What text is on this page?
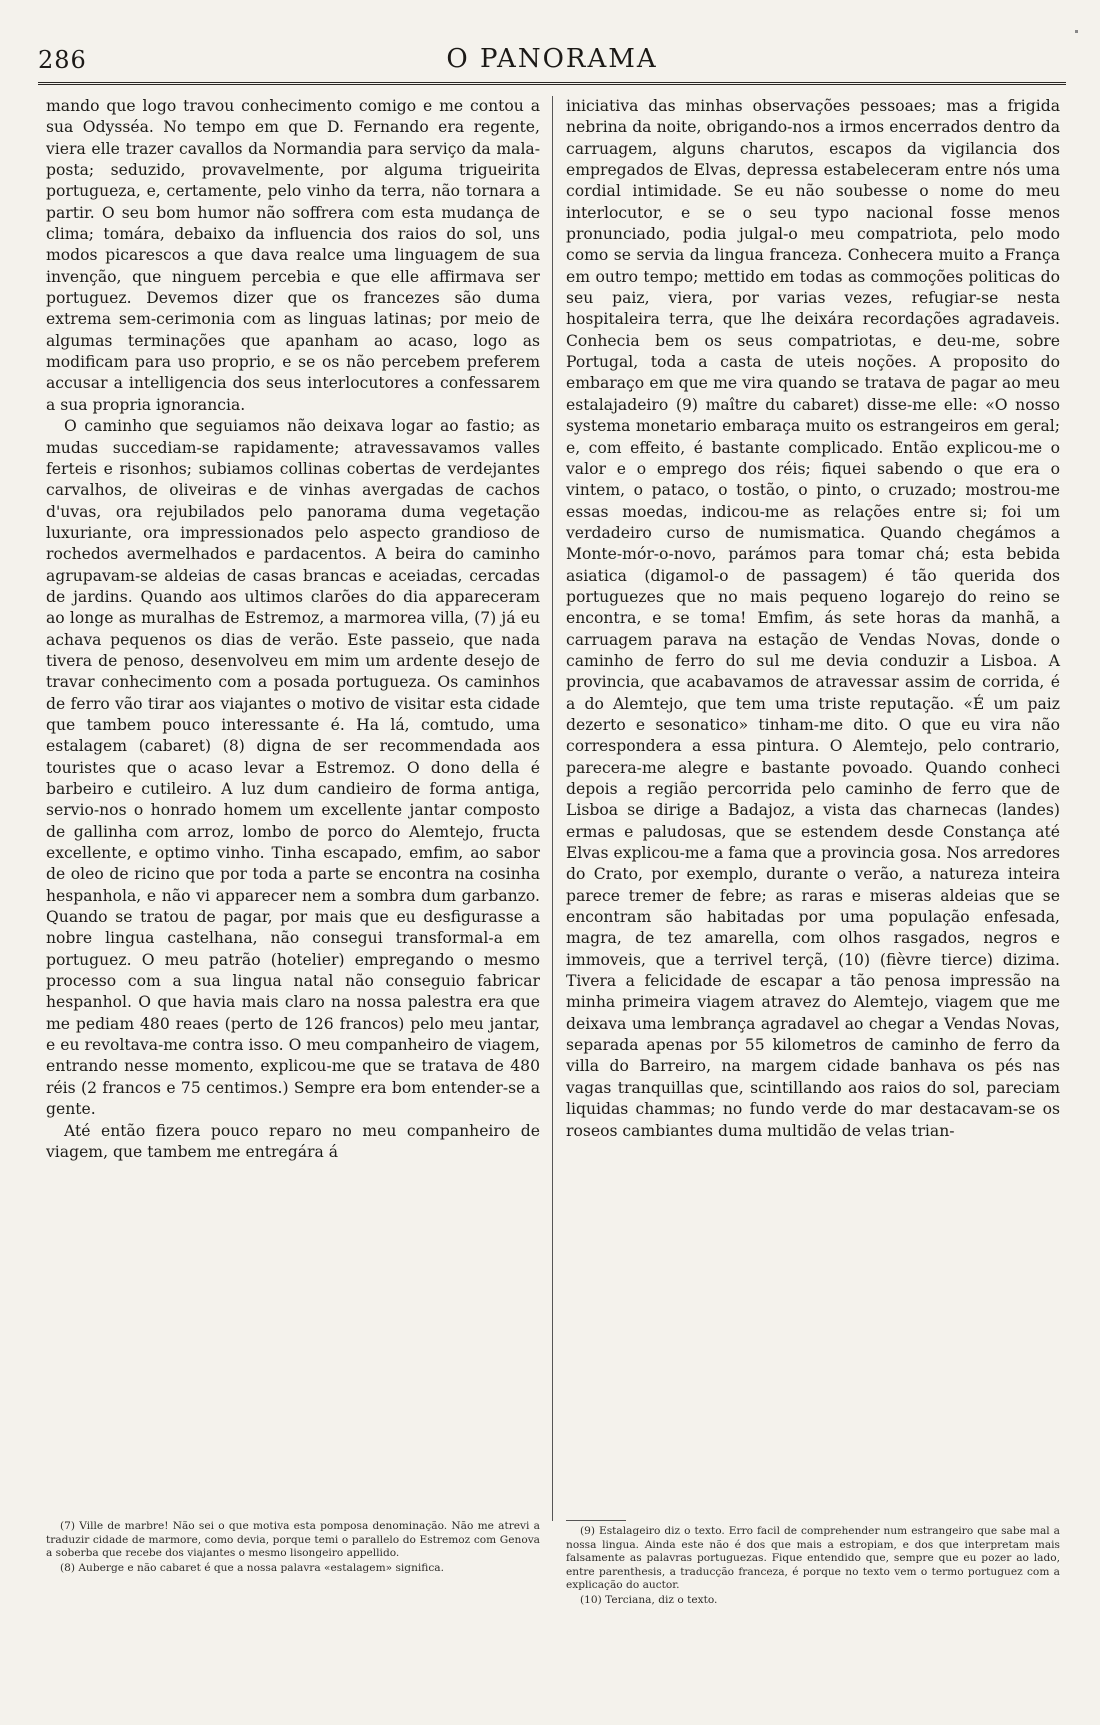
286	O PANORAMA

mando que logo travou conhecimento comigo e me contou a sua Odysséa. No tempo em que D. Fernando era regente, viera elle trazer cavallos da Normandia para serviço da mala-posta; seduzido, provavelmente, por alguma trigueirita portugueza, e, certamente, pelo vinho da terra, não tornara a partir. O seu bom humor não soffrera com esta mudança de clima; tomára, debaixo da influencia dos raios do sol, uns modos picarescos a que dava realce uma linguagem de sua invenção, que ninguem percebia e que elle affirmava ser portuguez. Devemos dizer que os francezes são duma extrema sem-cerimonia com as linguas latinas; por meio de algumas terminações que apanham ao acaso, logo as modificam para uso proprio, e se os não percebem preferem accusar a intelligencia dos seus interlocutores a confessarem a sua propria ignorancia.

O caminho que seguiamos não deixava logar ao fastio; as mudas succediam-se rapidamente; atravessavamos valles ferteis e risonhos; subiamos collinas cobertas de verdejantes carvalhos, de oliveiras e de vinhas avergadas de cachos d'uvas, ora rejubilados pelo panorama duma vegetação luxuriante, ora impressionados pelo aspecto grandioso de rochedos avermelhados e pardacentos. A beira do caminho agrupavam-se aldeias de casas brancas e aceiadas, cercadas de jardins. Quando aos ultimos clarões do dia appareceram ao longe as muralhas de Estremoz, a marmorea villa, (7) já eu achava pequenos os dias de verão. Este passeio, que nada tivera de penoso, desenvolveu em mim um ardente desejo de travar conhecimento com a posada portugueza. Os caminhos de ferro vão tirar aos viajantes o motivo de visitar esta cidade que tambem pouco interessante é. Ha lá, comtudo, uma estalagem (cabaret) (8) digna de ser recommendada aos touristes que o acaso levar a Estremoz. O dono della é barbeiro e cutileiro. A luz dum candieiro de forma antiga, servio-nos o honrado homem um excellente jantar composto de gallinha com arroz, lombo de porco do Alemtejo, fructa excellente, e optimo vinho. Tinha escapado, emfim, ao sabor de oleo de ricino que por toda a parte se encontra na cosinha hespanhola, e não vi apparecer nem a sombra dum garbanzo. Quando se tratou de pagar, por mais que eu desfigurasse a nobre lingua castelhana, não consegui transformal-a em portuguez. O meu patrão (hotelier) empregando o mesmo processo com a sua lingua natal não conseguio fabricar hespanhol. O que havia mais claro na nossa palestra era que me pediam 480 reaes (perto de 126 francos) pelo meu jantar, e eu revoltava-me contra isso. O meu companheiro de viagem, entrando nesse momento, explicou-me que se tratava de 480 réis (2 francos e 75 centimos.) Sempre era bom entender-se a gente.

Até então fizera pouco reparo no meu companheiro de viagem, que tambem me entregára á

iniciativa das minhas observações pessoaes; mas a frigida nebrina da noite, obrigando-nos a irmos encerrados dentro da carruagem, alguns charutos, escapos da vigilancia dos empregados de Elvas, depressa estabeleceram entre nós uma cordial intimidade. Se eu não soubesse o nome do meu interlocutor, e se o seu typo nacional fosse menos pronunciado, podia julgal-o meu compatriota, pelo modo como se servia da lingua franceza. Conhecera muito a França em outro tempo; mettido em todas as commoções politicas do seu paiz, viera, por varias vezes, refugiar-se nesta hospitaleira terra, que lhe deixára recordações agradaveis. Conhecia bem os seus compatriotas, e deu-me, sobre Portugal, toda a casta de uteis noções. A proposito do embaraço em que me vira quando se tratava de pagar ao meu estalajadeiro (9) maître du cabaret) disse-me elle: «O nosso systema monetario embaraça muito os estrangeiros em geral; e, com effeito, é bastante complicado. Então explicou-me o valor e o emprego dos réis; fiquei sabendo o que era o vintem, o pataco, o tostão, o pinto, o cruzado; mostrou-me essas moedas, indicou-me as relações entre si; foi um verdadeiro curso de numismatica. Quando chegámos a Monte-mór-o-novo, parámos para tomar chá; esta bebida asiatica (digamol-o de passagem) é tão querida dos portuguezes que no mais pequeno logarejo do reino se encontra, e se toma! Emfim, ás sete horas da manhã, a carruagem parava na estação de Vendas Novas, donde o caminho de ferro do sul me devia conduzir a Lisboa. A provincia, que acabavamos de atravessar assim de corrida, é a do Alemtejo, que tem uma triste reputação. «É um paiz dezerto e sesonatico» tinham-me dito. O que eu vira não correspondera a essa pintura. O Alemtejo, pelo contrario, parecera-me alegre e bastante povoado. Quando conheci depois a região percorrida pelo caminho de ferro que de Lisboa se dirige a Badajoz, a vista das charnecas (landes) ermas e paludosas, que se estendem desde Constança até Elvas explicou-me a fama que a provincia gosa. Nos arredores do Crato, por exemplo, durante o verão, a natureza inteira parece tremer de febre; as raras e miseras aldeias que se encontram são habitadas por uma população enfesada, magra, de tez amarella, com olhos rasgados, negros e immoveis, que a terrivel terçã, (10) (fièvre tierce) dizima. Tivera a felicidade de escapar a tão penosa impressão na minha primeira viagem atravez do Alemtejo, viagem que me deixava uma lembrança agradavel ao chegar a Vendas Novas, separada apenas por 55 kilometros de caminho de ferro da villa do Barreiro, na margem cidade banhava os pés nas vagas tranquillas que, scintillando aos raios do sol, pareciam liquidas chammas; no fundo verde do mar destacavam-se os roseos cambiantes duma multidão de velas trian-

(7) Ville de marbre! Não sei o que motiva esta pomposa denominação. Não me atrevi a traduzir cidade de marmore, como devia, porque temi o parallelo do Estremoz com Genova a soberba que recebe dos viajantes o mesmo lisongeiro appellido.

(8) Auberge e não cabaret é que a nossa palavra «estalagem» significa.

(9) Estalageiro diz o texto. Erro facil de comprehender num estrangeiro que sabe mal a nossa lingua. Ainda este não é dos que mais a estropiam, e dos que interpretam mais falsamente as palavras portuguezas. Fique entendido que, sempre que eu pozer ao lado, entre parenthesis, a traducção franceza, é porque no texto vem o termo portuguez com a explicação do auctor.

(10) Terciana, diz o texto.
